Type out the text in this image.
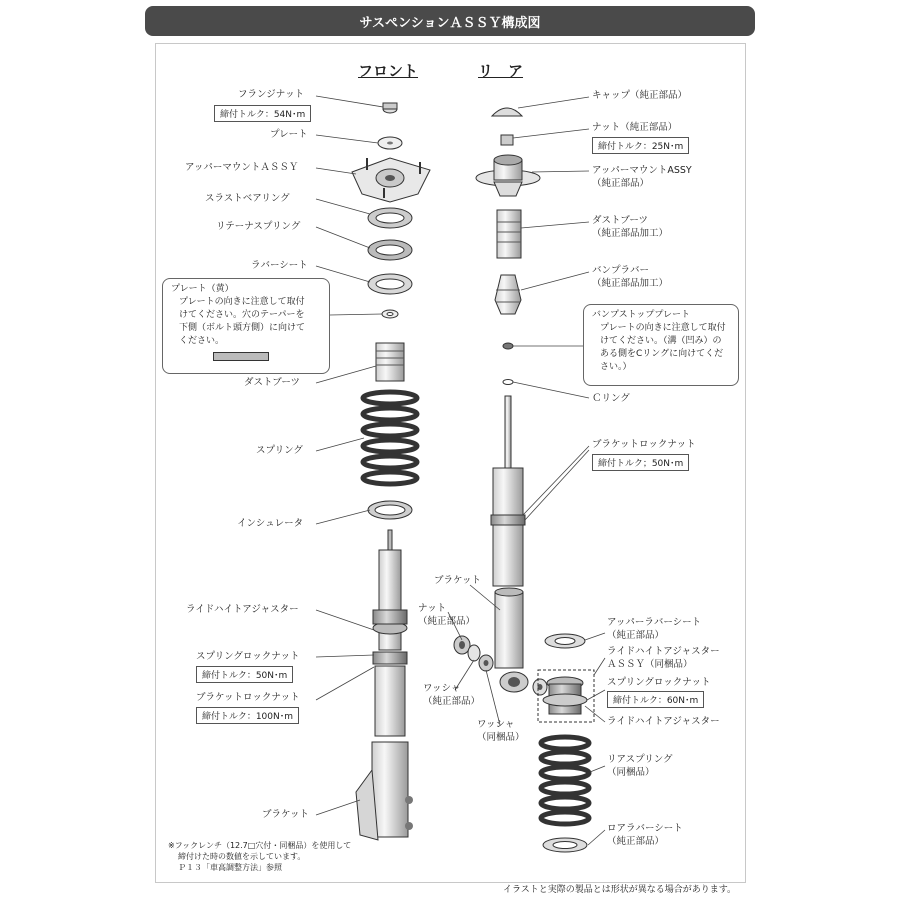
サスペンションＡＳＳＹ構成図
フロント	リ　ア
フランジナット
締付トルク：54N･m
プレート
アッパーマウントＡＳＳＹ
スラストベアリング
リテーナスプリング
ラバーシート
プレート（黄）
プレートの向きに注意して取付
けてください。穴のテーパーを
下側（ボルト頭方側）に向けて
ください。
ダストブーツ
スプリング
インシュレータ
ライドハイトアジャスター
スプリングロックナット
締付トルク：50N･m
ブラケットロックナット
締付トルク：100N･m
ブラケット
キャップ（純正部品）
ナット（純正部品）
締付トルク：25N･m
アッパーマウントASSY
（純正部品）
ダストブーツ
（純正部品加工）
バンプラバー
（純正部品加工）
バンプストッププレート
プレートの向きに注意して取付
けてください。（溝（凹み）の
ある側をCリングに向けてくだ
さい。）
Ｃリング
ブラケットロックナット
締付トルク；50N･m
ブラケット
ナット
（純正部品）
ワッシャ
（純正部品）
ワッシャ
（同梱品）
アッパーラバーシート
（純正部品）
ライドハイトアジャスター
ＡＳＳＹ（同梱品）
スプリングロックナット
締付トルク：60N･m
ライドハイトアジャスター
リアスプリング
（同梱品）
ロアラバーシート
（純正部品）
※フックレンチ（12.7□穴付・同梱品）を使用して
締付けた時の数値を示しています。
Ｐ１３「車高調整方法」参照
イラストと実際の製品とは形状が異なる場合があります。
